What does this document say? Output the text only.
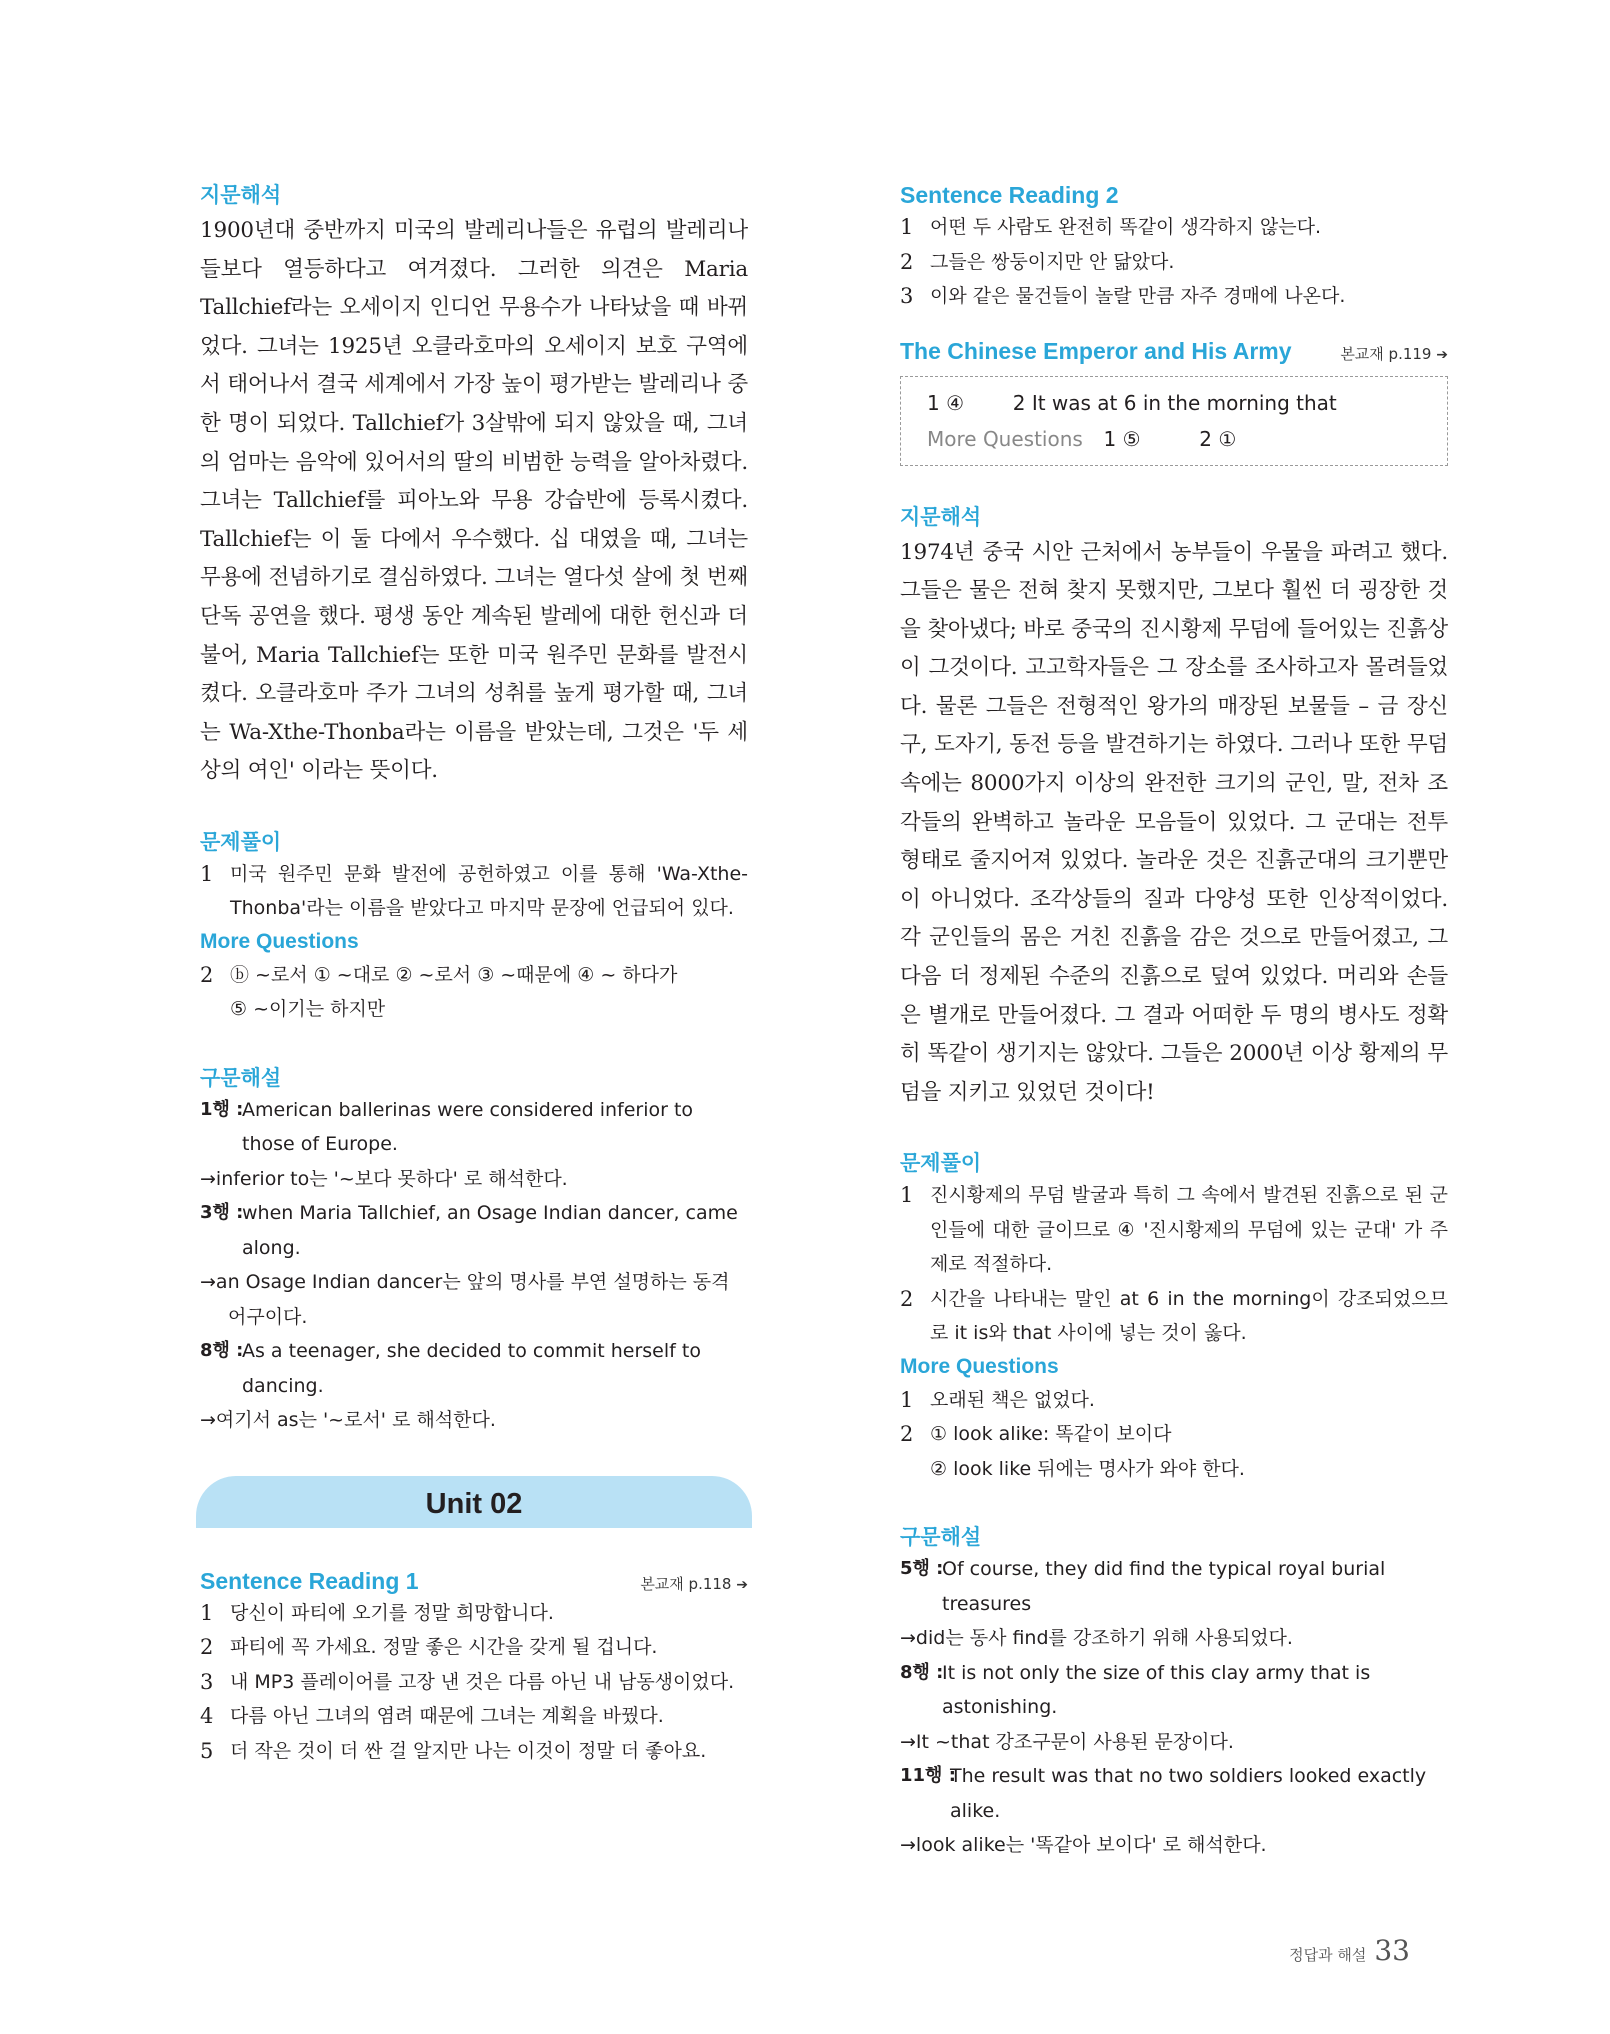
지문해석

1900년대 중반까지 미국의 발레리나들은 유럽의 발레리나들보다 열등하다고 여겨졌다. 그러한 의견은 Maria Tallchief라는 오세이지 인디언 무용수가 나타났을 때 바뀌었다. 그녀는 1925년 오클라호마의 오세이지 보호 구역에서 태어나서 결국 세계에서 가장 높이 평가받는 발레리나 중 한 명이 되었다. Tallchief가 3살밖에 되지 않았을 때, 그녀의 엄마는 음악에 있어서의 딸의 비범한 능력을 알아차렸다. 그녀는 Tallchief를 피아노와 무용 강습반에 등록시켰다. Tallchief는 이 둘 다에서 우수했다. 십 대였을 때, 그녀는 무용에 전념하기로 결심하였다. 그녀는 열다섯 살에 첫 번째 단독 공연을 했다. 평생 동안 계속된 발레에 대한 헌신과 더불어, Maria Tallchief는 또한 미국 원주민 문화를 발전시켰다. 오클라호마 주가 그녀의 성취를 높게 평가할 때, 그녀는 Wa-Xthe-Thonba라는 이름을 받았는데, 그것은 '두 세상의 여인' 이라는 뜻이다.

문제풀이

1 미국 원주민 문화 발전에 공헌하였고 이를 통해 'Wa-Xthe-Thonba'라는 이름을 받았다고 마지막 문장에 언급되어 있다.

More Questions

2 ⓑ ~로서 ① ~대로 ② ~로서 ③ ~때문에 ④ ~ 하다가
⑤ ~이기는 하지만

구문해설

1행 :
American ballerinas were considered inferior to those of Europe.
→inferior to는 '~보다 못하다' 로 해석한다.
3행 :
when Maria Tallchief, an Osage Indian dancer, came along.
→an Osage Indian dancer는 앞의 명사를 부연 설명하는 동격 어구이다.
8행 :
As a teenager, she decided to commit herself to dancing.
→여기서 as는 '~로서' 로 해석한다.
Unit 02
Sentence Reading 1	본교재 p.118 ➔
1 당신이 파티에 오기를 정말 희망합니다.
2 파티에 꼭 가세요. 정말 좋은 시간을 갖게 될 겁니다.
3 내 MP3 플레이어를 고장 낸 것은 다름 아닌 내 남동생이었다.
4 다름 아닌 그녀의 염려 때문에 그녀는 계획을 바꿨다.
5 더 작은 것이 더 싼 걸 알지만 나는 이것이 정말 더 좋아요.

Sentence Reading 2

1 어떤 두 사람도 완전히 똑같이 생각하지 않는다.
2 그들은 쌍둥이지만 안 닮았다.
3 이와 같은 물건들이 놀랄 만큼 자주 경매에 나온다.
The Chinese Emperor and His Army	본교재 p.119 ➔
1 ④ 2 It was at 6 in the morning that
More Questions 1 ⑤	2 ①

지문해석

1974년 중국 시안 근처에서 농부들이 우물을 파려고 했다. 그들은 물은 전혀 찾지 못했지만, 그보다 훨씬 더 굉장한 것을 찾아냈다; 바로 중국의 진시황제 무덤에 들어있는 진흙상이 그것이다. 고고학자들은 그 장소를 조사하고자 몰려들었다. 물론 그들은 전형적인 왕가의 매장된 보물들 – 금 장신구, 도자기, 동전 등을 발견하기는 하였다. 그러나 또한 무덤 속에는 8000가지 이상의 완전한 크기의 군인, 말, 전차 조각들의 완벽하고 놀라운 모음들이 있었다. 그 군대는 전투 형태로 줄지어져 있었다. 놀라운 것은 진흙군대의 크기뿐만이 아니었다. 조각상들의 질과 다양성 또한 인상적이었다. 각 군인들의 몸은 거친 진흙을 감은 것으로 만들어졌고, 그 다음 더 정제된 수준의 진흙으로 덮여 있었다. 머리와 손들은 별개로 만들어졌다. 그 결과 어떠한 두 명의 병사도 정확히 똑같이 생기지는 않았다. 그들은 2000년 이상 황제의 무덤을 지키고 있었던 것이다!

문제풀이

1 진시황제의 무덤 발굴과 특히 그 속에서 발견된 진흙으로 된 군인들에 대한 글이므로 ④ '진시황제의 무덤에 있는 군대' 가 주제로 적절하다.
2 시간을 나타내는 말인 at 6 in the morning이 강조되었으므로 it is와 that 사이에 넣는 것이 옳다.

More Questions

1 오래된 책은 없었다.
2 ① look alike: 똑같이 보이다
② look like 뒤에는 명사가 와야 한다.

구문해설

5행 :
Of course, they did find the typical royal burial treasures
→did는 동사 find를 강조하기 위해 사용되었다.
8행 :
It is not only the size of this clay army that is astonishing.
→It ~that 강조구문이 사용된 문장이다.
11행 :
The result was that no two soldiers looked exactly alike.
→look alike는 '똑같아 보이다' 로 해석한다.
정답과 해설 33
